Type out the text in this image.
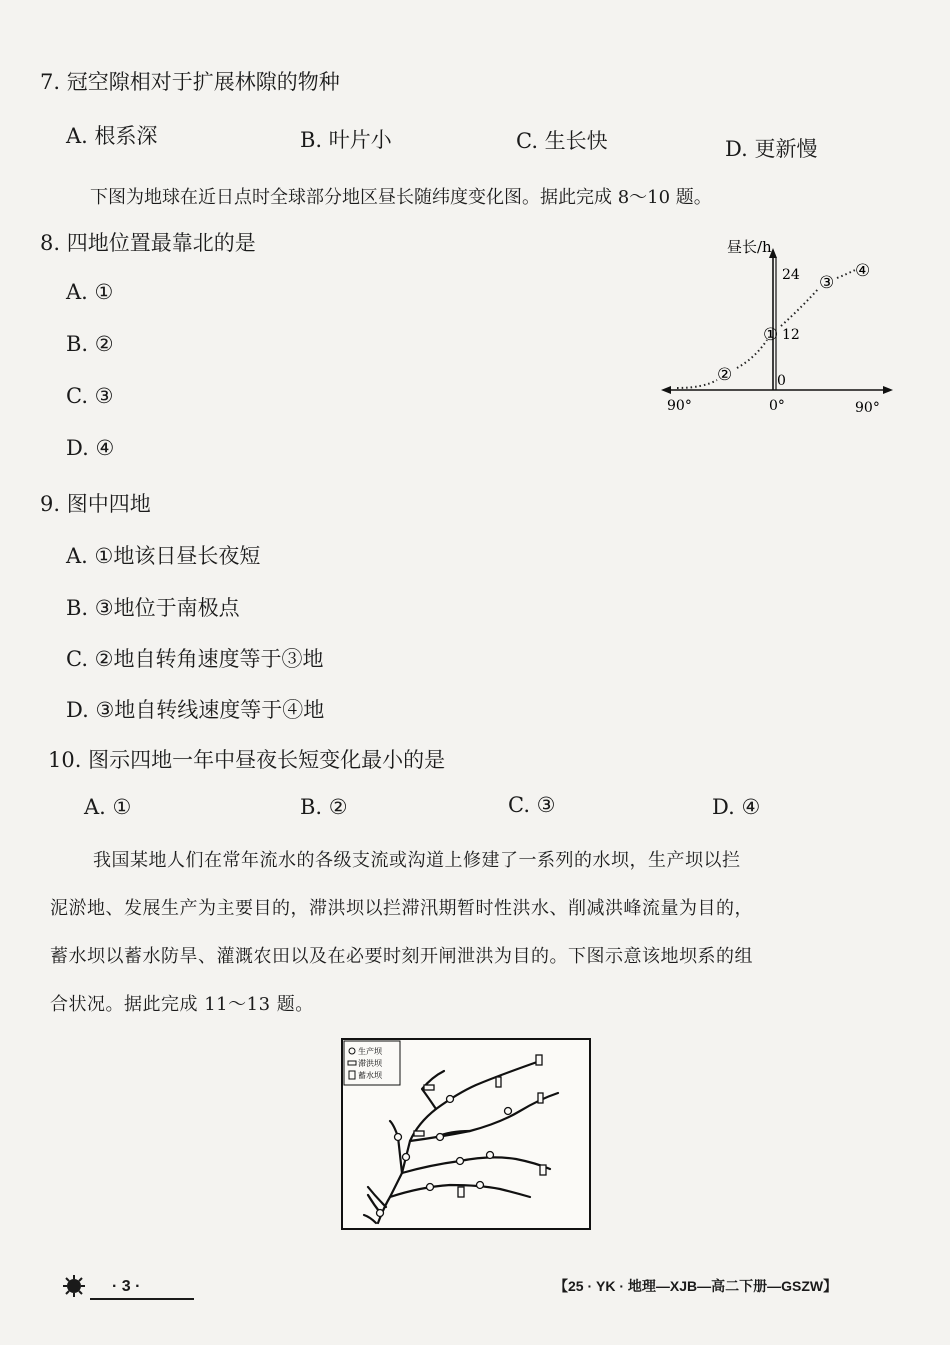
7. 冠空隙相对于扩展林隙的物种
A. 根系深	B. 叶片小	C. 生长快	D. 更新慢
下图为地球在近日点时全球部分地区昼长随纬度变化图。据此完成 8～10 题。
8. 四地位置最靠北的是
A. ①
B. ②
C. ③
D. ④
昼长/h
24
12
0
90°	0°	90°
①
②
③
④
9. 图中四地
A. ①地该日昼长夜短
B. ③地位于南极点
C. ②地自转角速度等于③地
D. ③地自转线速度等于④地
10. 图示四地一年中昼夜长短变化最小的是
A. ①	B. ②	C. ③	D. ④
我国某地人们在常年流水的各级支流或沟道上修建了一系列的水坝，生产坝以拦
泥淤地、发展生产为主要目的，滞洪坝以拦滞汛期暂时性洪水、削减洪峰流量为目的，
蓄水坝以蓄水防旱、灌溉农田以及在必要时刻开闸泄洪为目的。下图示意该地坝系的组
合状况。据此完成 11～13 题。
生产坝
滞洪坝
蓄水坝
· 3 ·	【25 · YK · 地理—XJB—高二下册—GSZW】
